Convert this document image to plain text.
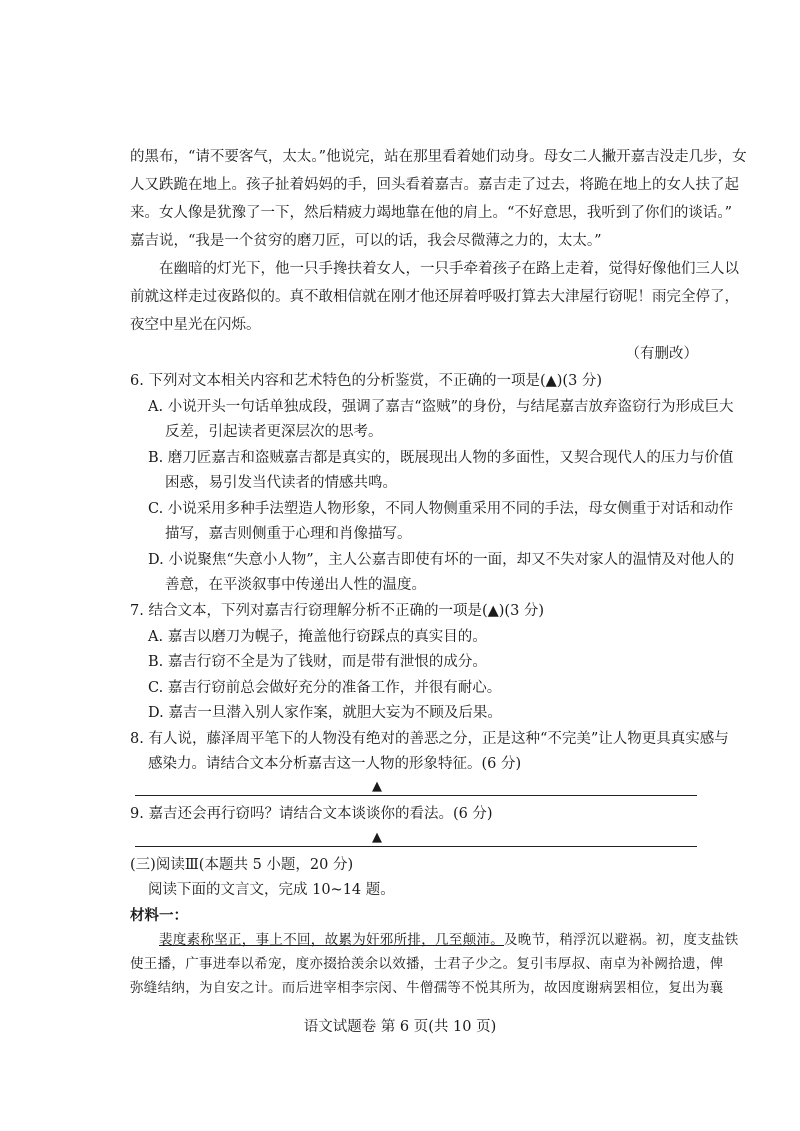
的黑布，“请不要客气，太太。”他说完，站在那里看着她们动身。母女二人撇开嘉吉没走几步，女
人又跌跪在地上。孩子扯着妈妈的手，回头看着嘉吉。嘉吉走了过去，将跪在地上的女人扶了起
来。女人像是犹豫了一下，然后精疲力竭地靠在他的肩上。“不好意思，我听到了你们的谈话。”
嘉吉说，“我是一个贫穷的磨刀匠，可以的话，我会尽微薄之力的，太太。”
在幽暗的灯光下，他一只手搀扶着女人，一只手牵着孩子在路上走着，觉得好像他们三人以
前就这样走过夜路似的。真不敢相信就在刚才他还屏着呼吸打算去大津屋行窃呢！雨完全停了，
夜空中星光在闪烁。
（有删改）
6. 下列对文本相关内容和艺术特色的分析鉴赏，不正确的一项是(▲)(3 分)
A. 小说开头一句话单独成段，强调了嘉吉“盗贼”的身份，与结尾嘉吉放弃盗窃行为形成巨大
反差，引起读者更深层次的思考。
B. 磨刀匠嘉吉和盗贼嘉吉都是真实的，既展现出人物的多面性，又契合现代人的压力与价值
困惑，易引发当代读者的情感共鸣。
C. 小说采用多种手法塑造人物形象，不同人物侧重采用不同的手法，母女侧重于对话和动作
描写，嘉吉则侧重于心理和肖像描写。
D. 小说聚焦“失意小人物”，主人公嘉吉即使有坏的一面，却又不失对家人的温情及对他人的
善意，在平淡叙事中传递出人性的温度。
7. 结合文本，下列对嘉吉行窃理解分析不正确的一项是(▲)(3 分)
A. 嘉吉以磨刀为幌子，掩盖他行窃踩点的真实目的。
B. 嘉吉行窃不全是为了钱财，而是带有泄恨的成分。
C. 嘉吉行窃前总会做好充分的准备工作，并很有耐心。
D. 嘉吉一旦潜入别人家作案，就胆大妄为不顾及后果。
8. 有人说，藤泽周平笔下的人物没有绝对的善恶之分，正是这种“不完美”让人物更具真实感与
感染力。请结合文本分析嘉吉这一人物的形象特征。(6 分)
▲
9. 嘉吉还会再行窃吗？请结合文本谈谈你的看法。(6 分)
▲
(三)阅读Ⅲ(本题共 5 小题，20 分)
阅读下面的文言文，完成 10~14 题。
材料一：
裴度素称坚正，事上不回，故累为奸邪所排，几至颠沛。及晚节，稍浮沉以避祸。初，度支盐铁
语文试题卷 第 6 页(共 10 页)
使王播，广事进奉以希宠，度亦掇拾羡余以效播，士君子少之。复引韦厚叔、南卓为补阙拾遗，俾
弥缝结纳，为自安之计。而后进宰相李宗闵、牛僧孺等不悦其所为，故因度谢病罢相位，复出为襄
